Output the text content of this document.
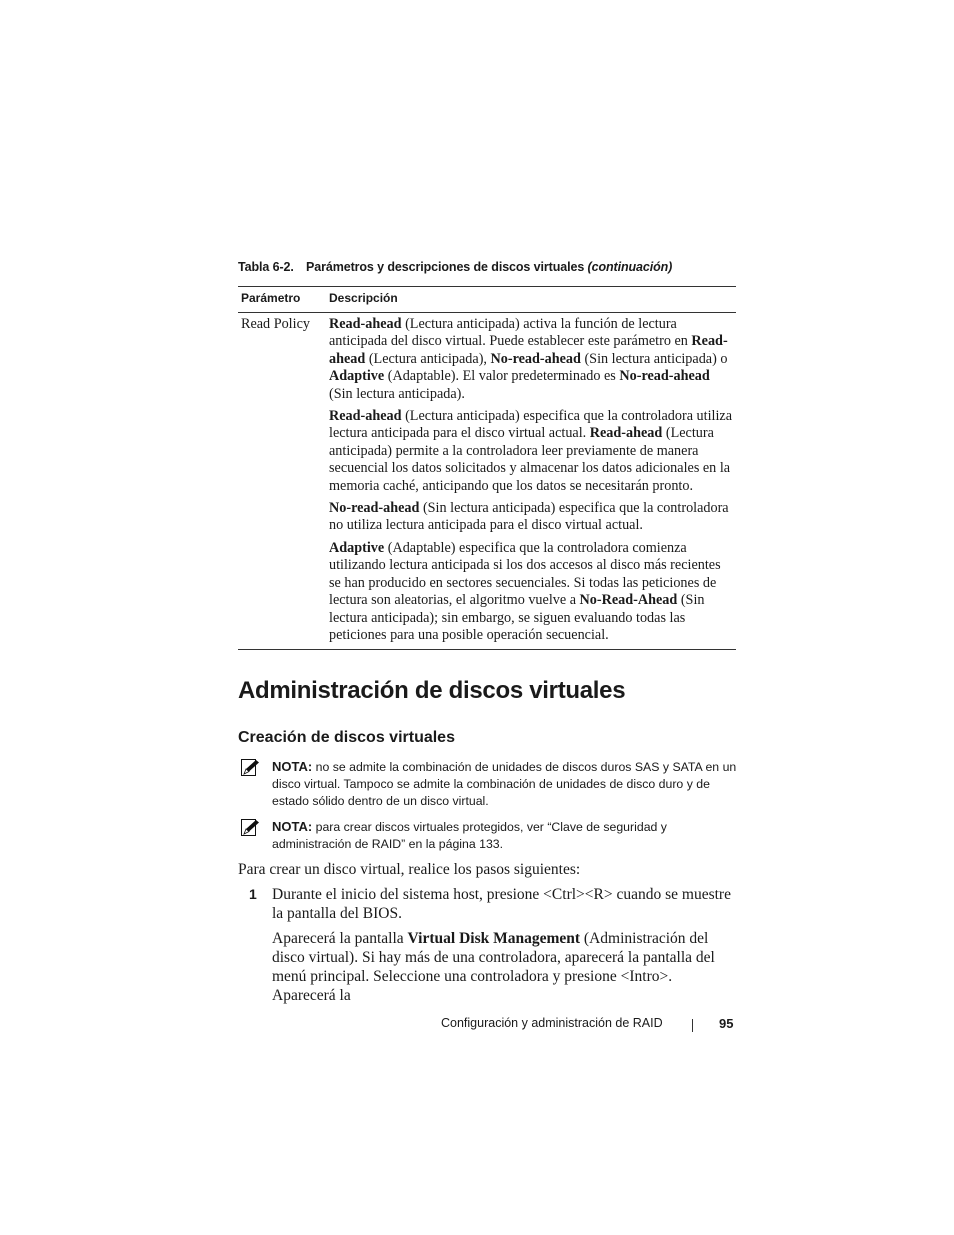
Tabla 6-2. Parámetros y descripciones de discos virtuales (continuación)
Parámetro Descripción
Read Policy Read-ahead (Lectura anticipada) activa la función de lectura anticipada del disco virtual. Puede establecer este parámetro en Read-ahead (Lectura anticipada), No-read-ahead (Sin lectura anticipada) o Adaptive (Adaptable). El valor predeterminado es No-read-ahead (Sin lectura anticipada).

Read-ahead (Lectura anticipada) especifica que la controladora utiliza lectura anticipada para el disco virtual actual. Read-ahead (Lectura anticipada) permite a la controladora leer previamente de manera secuencial los datos solicitados y almacenar los datos adicionales en la memoria caché, anticipando que los datos se necesitarán pronto.

No-read-ahead (Sin lectura anticipada) especifica que la controladora no utiliza lectura anticipada para el disco virtual actual.

Adaptive (Adaptable) especifica que la controladora comienza utilizando lectura anticipada si los dos accesos al disco más recientes se han producido en sectores secuenciales. Si todas las peticiones de lectura son aleatorias, el algoritmo vuelve a No-Read-Ahead (Sin lectura anticipada); sin embargo, se siguen evaluando todas las peticiones para una posible operación secuencial.

Administración de discos virtuales
Creación de discos virtuales
NOTA: no se admite la combinación de unidades de discos duros SAS y SATA en un disco virtual. Tampoco se admite la combinación de unidades de disco duro y de estado sólido dentro de un disco virtual.
NOTA: para crear discos virtuales protegidos, ver “Clave de seguridad y administración de RAID” en la página 133.
Para crear un disco virtual, realice los pasos siguientes:
1 Durante el inicio del sistema host, presione <Ctrl><R> cuando se muestre la pantalla del BIOS.
Aparecerá la pantalla Virtual Disk Management (Administración del disco virtual). Si hay más de una controladora, aparecerá la pantalla del menú principal. Seleccione una controladora y presione <Intro>. Aparecerá la
Configuración y administración de RAID	95
